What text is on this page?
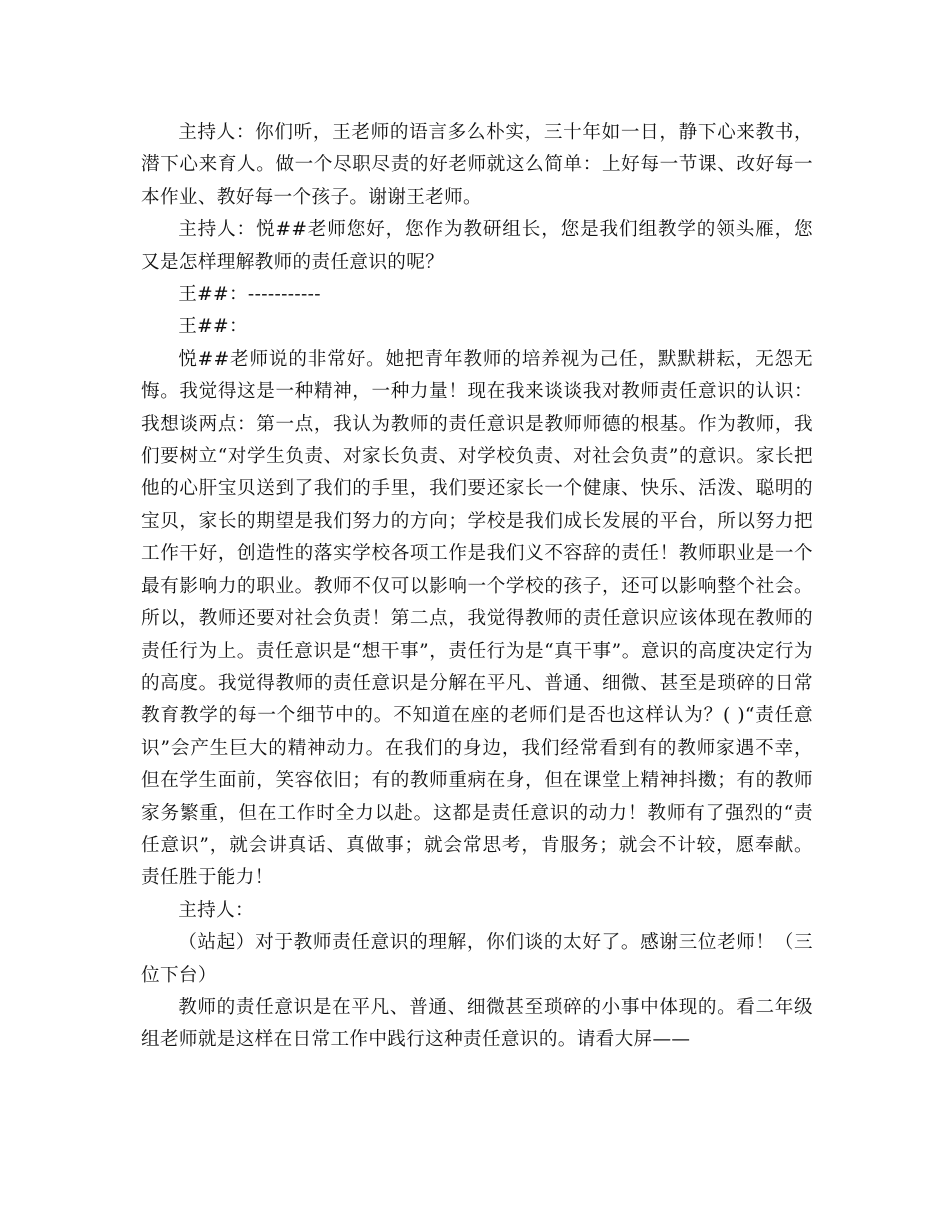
主持人：你们听，王老师的语言多么朴实，三十年如一日，静下心来教书，潜下心来育人。做一个尽职尽责的好老师就这么简单：上好每一节课、改好每一本作业、教好每一个孩子。谢谢王老师。

主持人：悦##老师您好，您作为教研组长，您是我们组教学的领头雁，您又是怎样理解教师的责任意识的呢？

王##：-----------

王##：

悦##老师说的非常好。她把青年教师的培养视为己任，默默耕耘，无怨无悔。我觉得这是一种精神，一种力量！现在我来谈谈我对教师责任意识的认识：我想谈两点：第一点，我认为教师的责任意识是教师师德的根基。作为教师，我们要树立“对学生负责、对家长负责、对学校负责、对社会负责”的意识。家长把他的心肝宝贝送到了我们的手里，我们要还家长一个健康、快乐、活泼、聪明的宝贝，家长的期望是我们努力的方向；学校是我们成长发展的平台，所以努力把工作干好，创造性的落实学校各项工作是我们义不容辞的责任！教师职业是一个最有影响力的职业。教师不仅可以影响一个学校的孩子，还可以影响整个社会。所以，教师还要对社会负责！第二点，我觉得教师的责任意识应该体现在教师的责任行为上。责任意识是“想干事”，责任行为是“真干事”。意识的高度决定行为的高度。我觉得教师的责任意识是分解在平凡、普通、细微、甚至是琐碎的日常教育教学的每一个细节中的。不知道在座的老师们是否也这样认为？( )“责任意识”会产生巨大的精神动力。在我们的身边，我们经常看到有的教师家遇不幸，但在学生面前，笑容依旧；有的教师重病在身，但在课堂上精神抖擞；有的教师家务繁重，但在工作时全力以赴。这都是责任意识的动力！教师有了强烈的“责任意识”，就会讲真话、真做事；就会常思考，肯服务；就会不计较，愿奉献。责任胜于能力！

主持人：

（站起）对于教师责任意识的理解，你们谈的太好了。感谢三位老师！（三位下台）

教师的责任意识是在平凡、普通、细微甚至琐碎的小事中体现的。看二年级组老师就是这样在日常工作中践行这种责任意识的。请看大屏——
